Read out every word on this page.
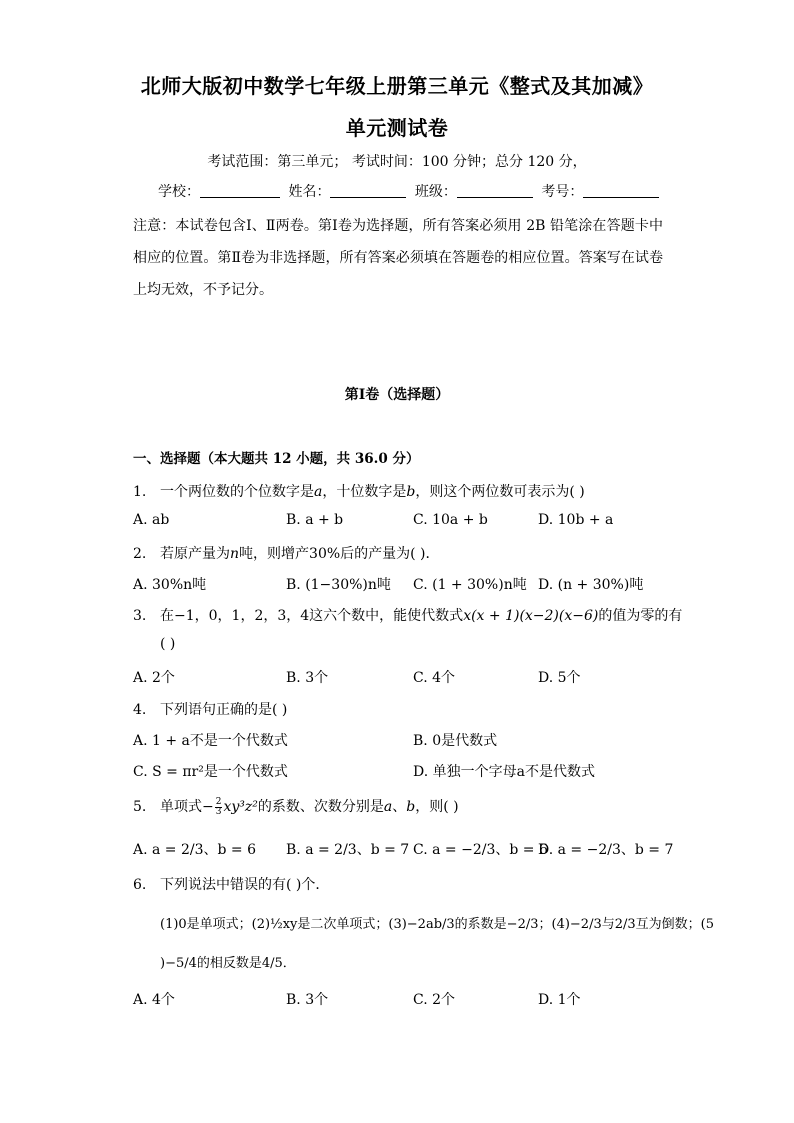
北师大版初中数学七年级上册第三单元《整式及其加减》
单元测试卷
考试范围：第三单元； 考试时间：100 分钟；总分 120 分，
学校：	姓名：	班级：	考号：
注意：本试卷包含Ⅰ、Ⅱ两卷。第Ⅰ卷为选择题，所有答案必须用 2B 铅笔涂在答题卡中相应的位置。第Ⅱ卷为非选择题，所有答案必须填在答题卷的相应位置。答案写在试卷上均无效，不予记分。
第Ⅰ卷（选择题）
一、选择题（本大题共 12 小题，共 36.0 分）
1. 一个两位数的个位数字是a，十位数字是b，则这个两位数可表示为( )
A. ab	B. a + b	C. 10a + b	D. 10b + a
2. 若原产量为n吨，则增产30%后的产量为( )．
A. 30%n吨	B. (1−30%)n吨 C. (1 + 30%)n吨 D. (n + 30%)吨
3. 在−1，0，1，2，3，4这六个数中，能使代数式x(x + 1)(x−2)(x−6)的值为零的有
( )
A. 2个	B. 3个	C. 4个	D. 5个
4. 下列语句正确的是( )
A. 1 + a不是一个代数式	B. 0是代数式
C. S = πr²是一个代数式	D. 单独一个字母a不是代数式
5. 单项式− $\frac{2}{3} xy^3z^2$的系数、次数分别是a、b，则( )
A. a = 2/3、b = 6 B. a = 2/3、b = 7 C. a = −2/3、b = 6
D. a = −2/3、b = 7
6. 下列说法中错误的有( )个．
(1)0是单项式；(2)½xy是二次单项式；(3)−2ab/3的系数是−2/3；(4)−2/3与2/3互为倒数；(5
)−5/4的相反数是4/5．
A. 4个	B. 3个	C. 2个	D. 1个
